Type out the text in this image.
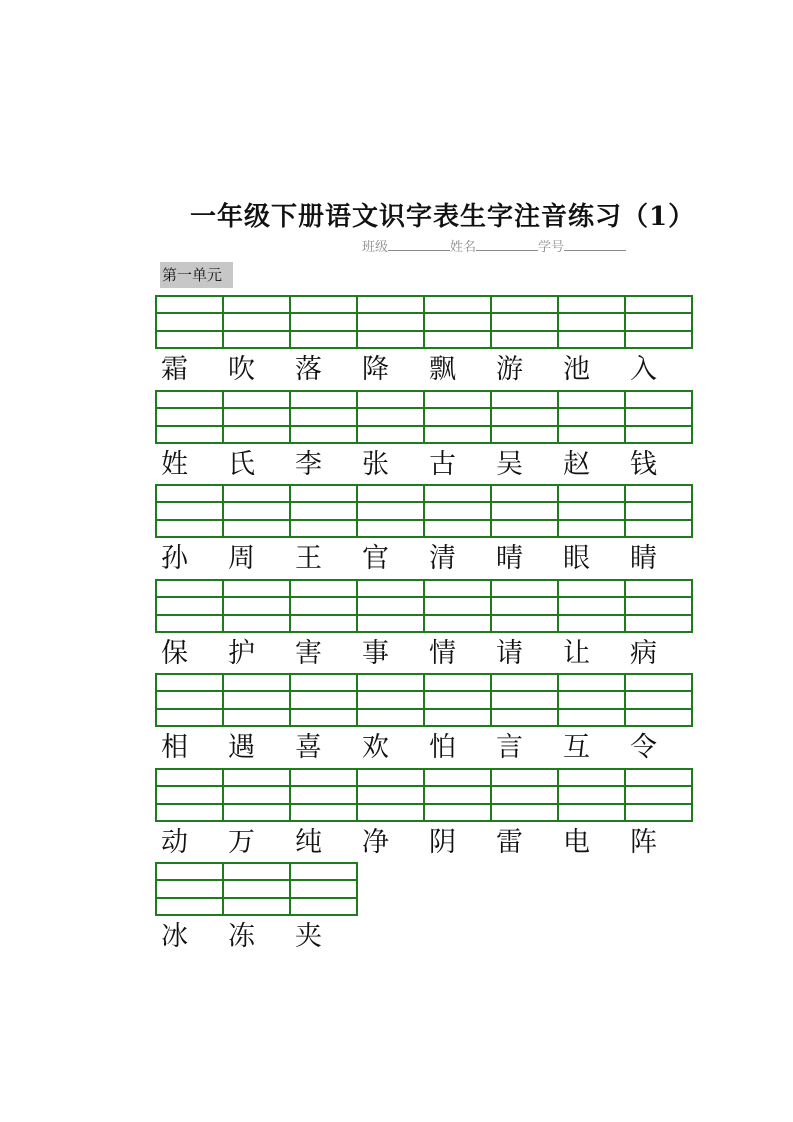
一年级下册语文识字表生字注音练习（1）
班级	姓名	学号
第一单元
霜	吹	落	降	飘	游	池	入
姓	氏	李	张	古	吴	赵	钱
孙	周	王	官	清	晴	眼	睛
保	护	害	事	情	请	让	病
相	遇	喜	欢	怕	言	互	令
动	万	纯	净	阴	雷	电	阵
冰	冻	夹
